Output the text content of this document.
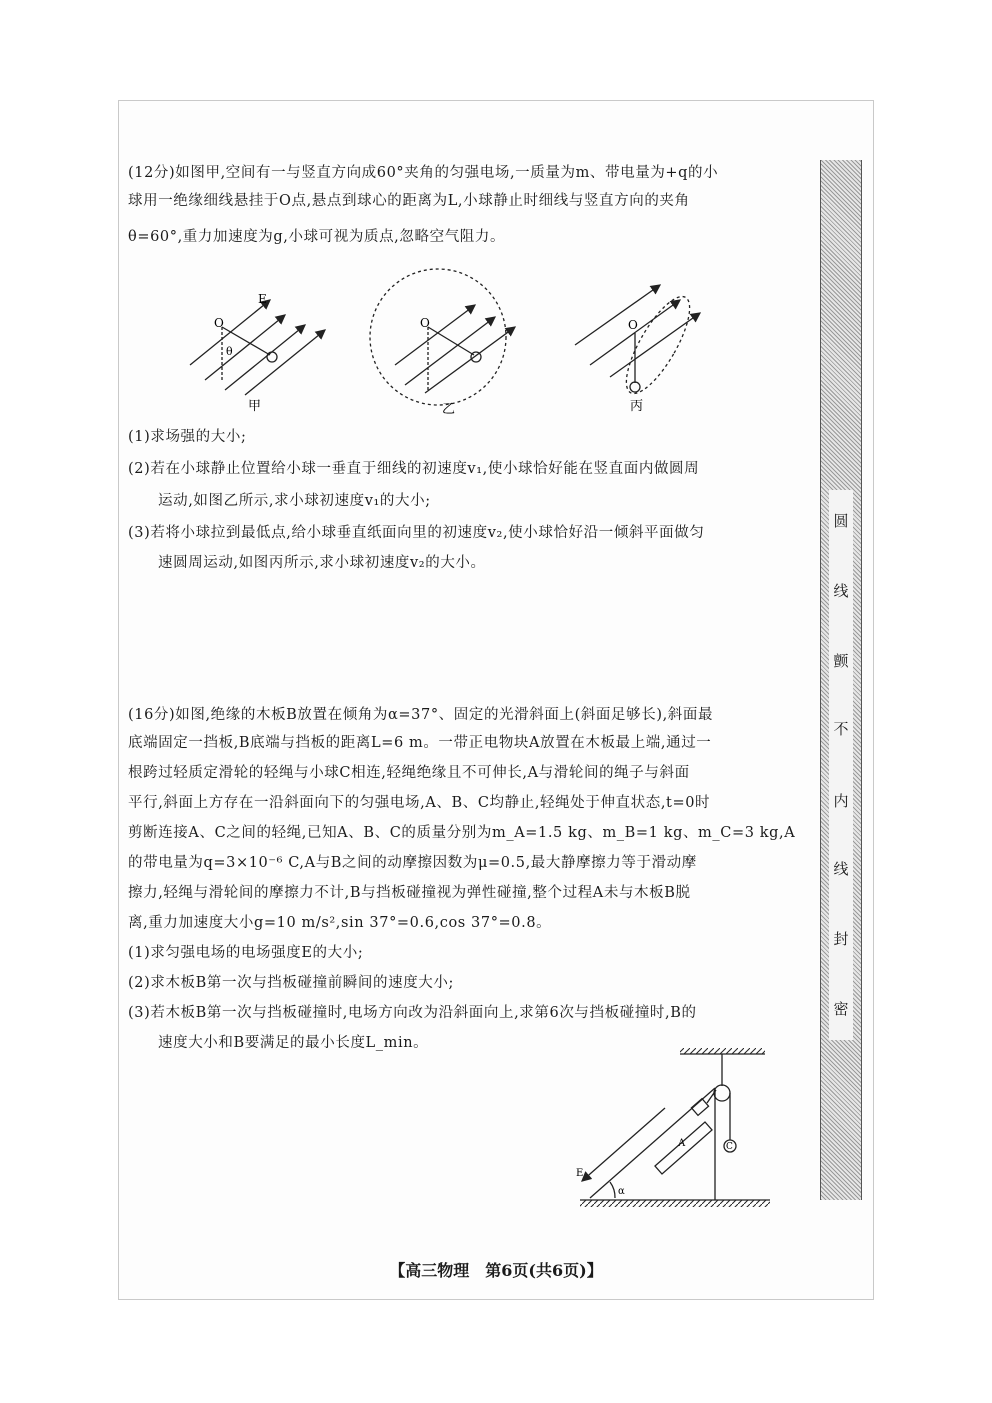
(12分)如图甲,空间有一与竖直方向成60°夹角的匀强电场,一质量为m、带电量为+q的小
球用一绝缘细线悬挂于O点,悬点到球心的距离为L,小球静止时细线与竖直方向的夹角
θ=60°,重力加速度为g,小球可视为质点,忽略空气阻力。
E
O
θ
甲
O
乙
O
丙
(1)求场强的大小;
(2)若在小球静止位置给小球一垂直于细线的初速度v₁,使小球恰好能在竖直面内做圆周
运动,如图乙所示,求小球初速度v₁的大小;
(3)若将小球拉到最低点,给小球垂直纸面向里的初速度v₂,使小球恰好沿一倾斜平面做匀
速圆周运动,如图丙所示,求小球初速度v₂的大小。
(16分)如图,绝缘的木板B放置在倾角为α=37°、固定的光滑斜面上(斜面足够长),斜面最
底端固定一挡板,B底端与挡板的距离L=6 m。一带正电物块A放置在木板最上端,通过一
根跨过轻质定滑轮的轻绳与小球C相连,轻绳绝缘且不可伸长,A与滑轮间的绳子与斜面
平行,斜面上方存在一沿斜面向下的匀强电场,A、B、C均静止,轻绳处于伸直状态,t=0时
剪断连接A、C之间的轻绳,已知A、B、C的质量分别为m_A=1.5 kg、m_B=1 kg、m_C=3 kg,A
的带电量为q=3×10⁻⁶ C,A与B之间的动摩擦因数为μ=0.5,最大静摩擦力等于滑动摩
擦力,轻绳与滑轮间的摩擦力不计,B与挡板碰撞视为弹性碰撞,整个过程A未与木板B脱
离,重力加速度大小g=10 m/s²,sin 37°=0.6,cos 37°=0.8。
(1)求匀强电场的电场强度E的大小;
(2)求木板B第一次与挡板碰撞前瞬间的速度大小;
(3)若木板B第一次与挡板碰撞时,电场方向改为沿斜面向上,求第6次与挡板碰撞时,B的
速度大小和B要满足的最小长度L_min。
A	C
E
α
圆
线
颤
不
内
线
封
密
【高三物理　第6页(共6页)】
